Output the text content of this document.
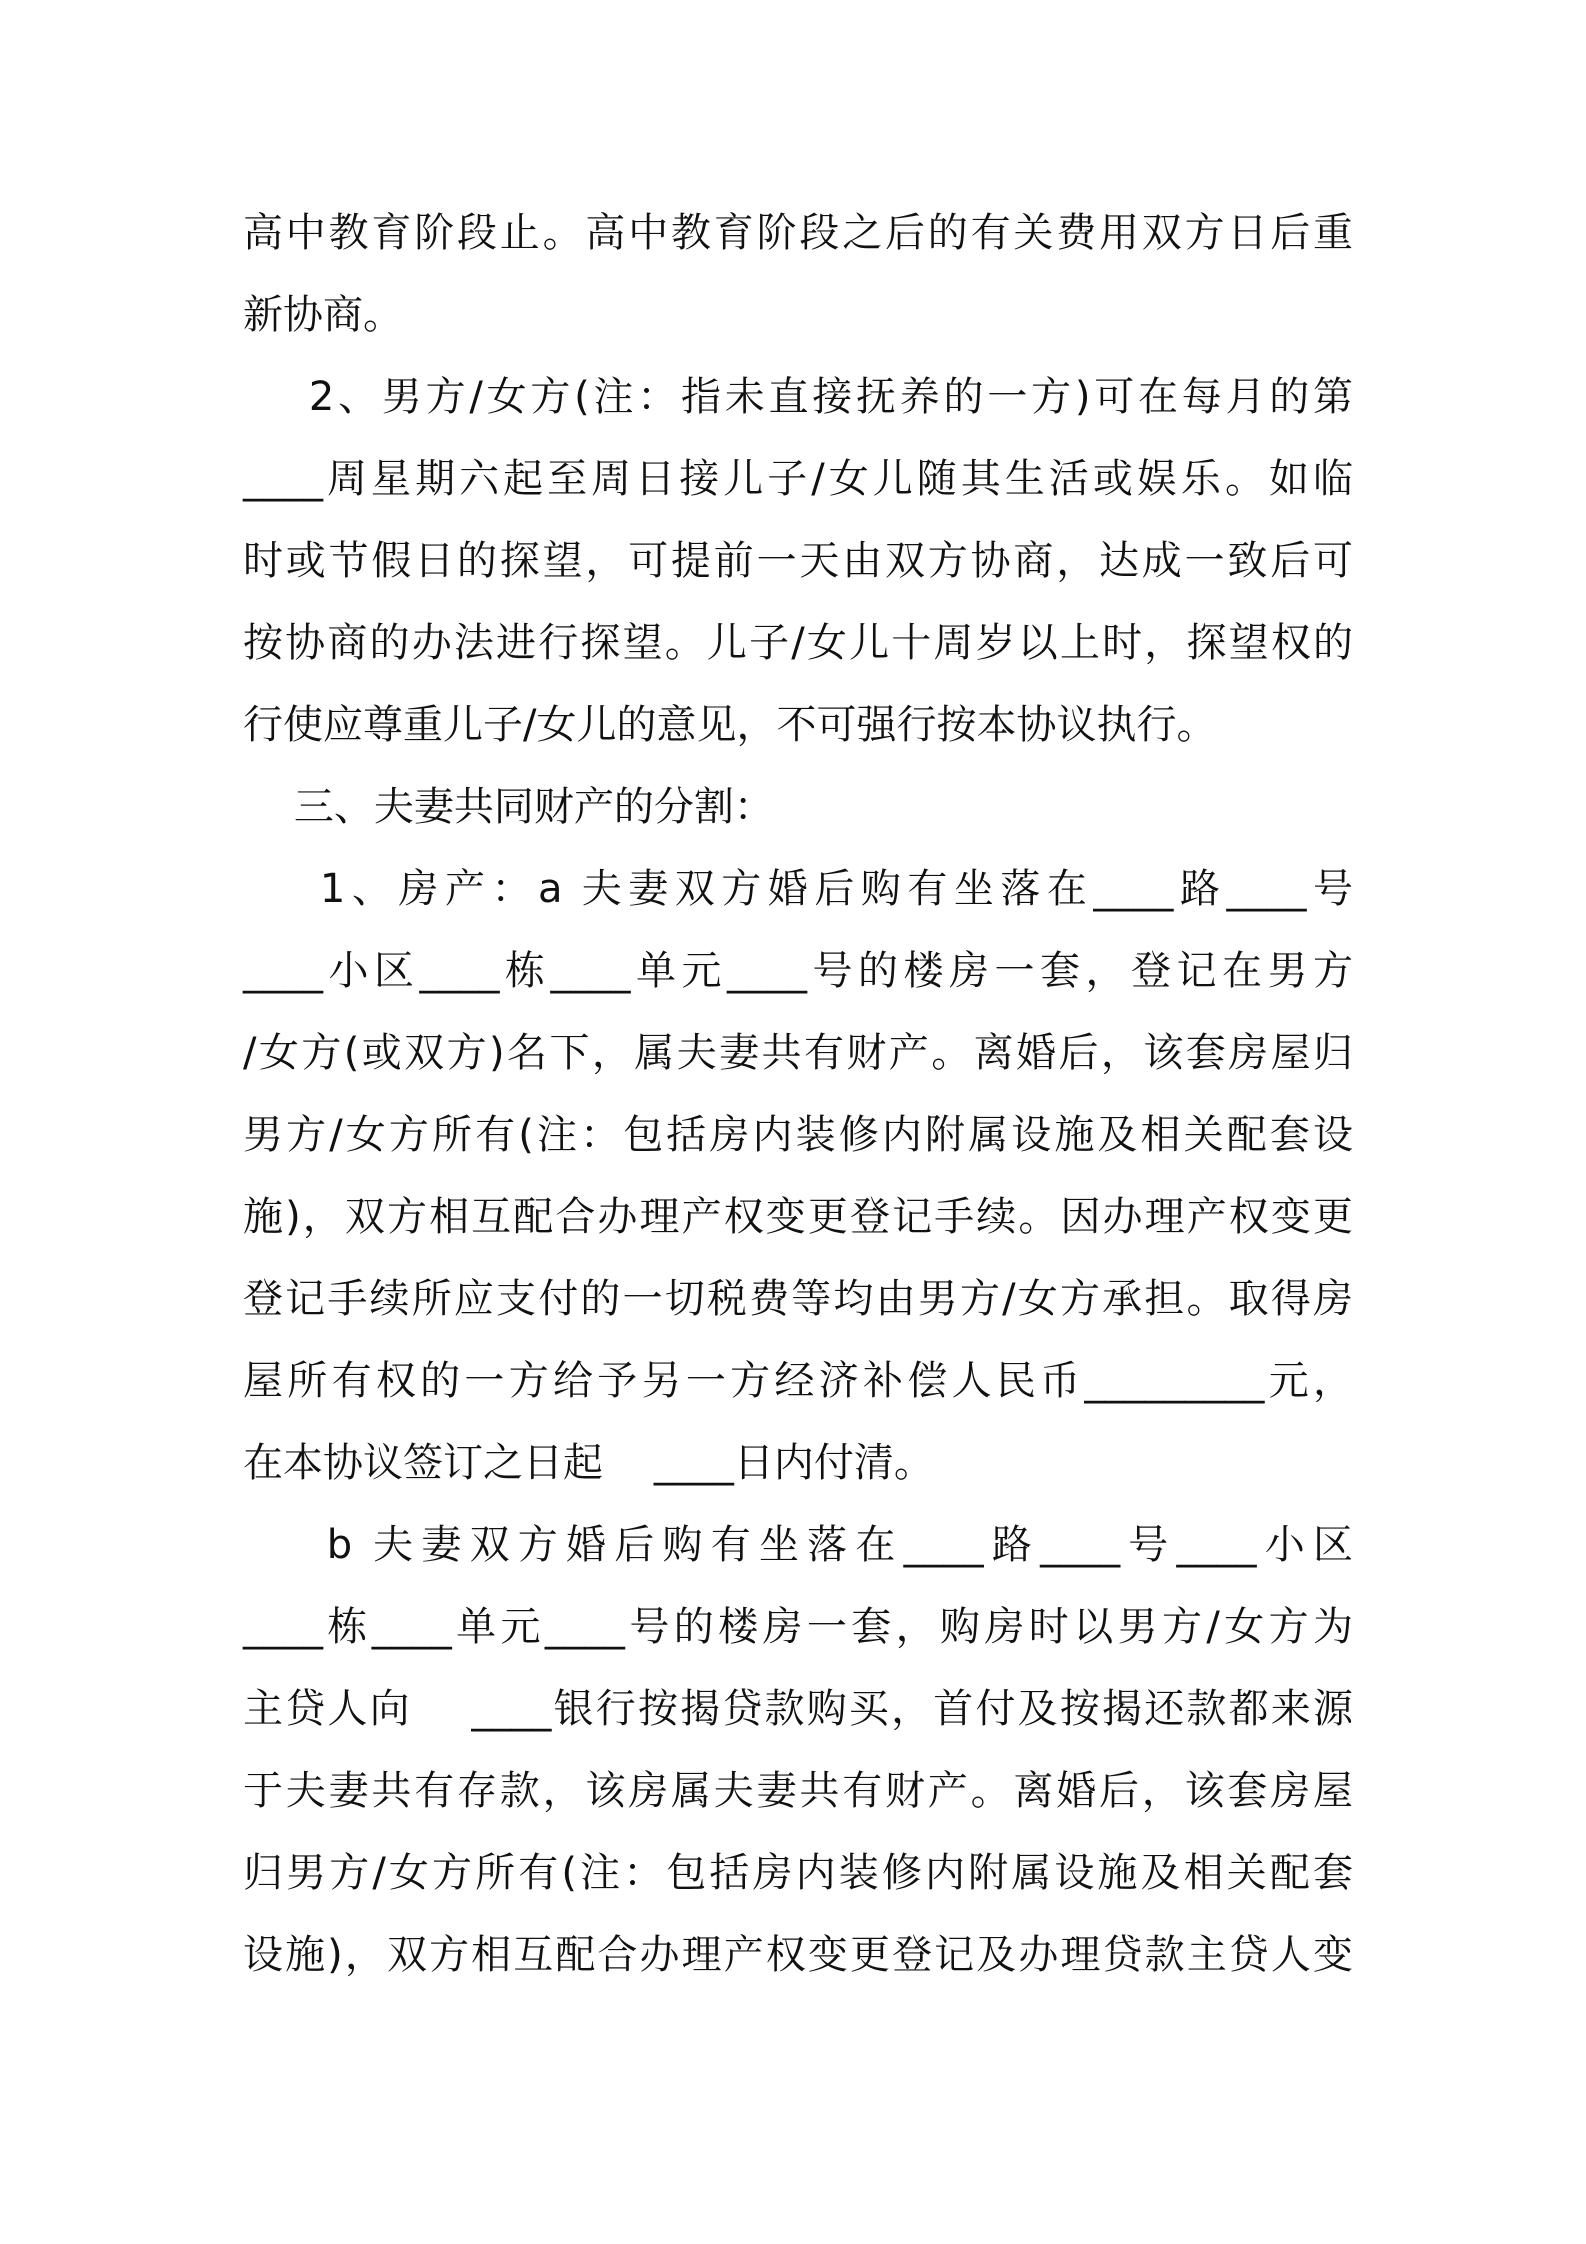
高中教育阶段止。高中教育阶段之后的有关费用双方日后重
新协商。
2、男方/女方(注：指未直接抚养的一方)可在每月的第
____周星期六起至周日接儿子/女儿随其生活或娱乐。如临
时或节假日的探望，可提前一天由双方协商，达成一致后可
按协商的办法进行探望。儿子/女儿十周岁以上时，探望权的
行使应尊重儿子/女儿的意见，不可强行按本协议执行。
三、夫妻共同财产的分割：
1、房产：a 夫妻双方婚后购有坐落在____路____号
____小区____栋____单元____号的楼房一套，登记在男方
/女方(或双方)名下，属夫妻共有财产。离婚后，该套房屋归
男方/女方所有(注：包括房内装修内附属设施及相关配套设
施)，双方相互配合办理产权变更登记手续。因办理产权变更
登记手续所应支付的一切税费等均由男方/女方承担。取得房
屋所有权的一方给予另一方经济补偿人民币_________元，
在本协议签订之日起    ____日内付清。
b 夫妻双方婚后购有坐落在____路____号____小区
____栋____单元____号的楼房一套，购房时以男方/女方为
主贷人向    ____银行按揭贷款购买，首付及按揭还款都来源
于夫妻共有存款，该房属夫妻共有财产。离婚后，该套房屋
归男方/女方所有(注：包括房内装修内附属设施及相关配套
设施)，双方相互配合办理产权变更登记及办理贷款主贷人变
